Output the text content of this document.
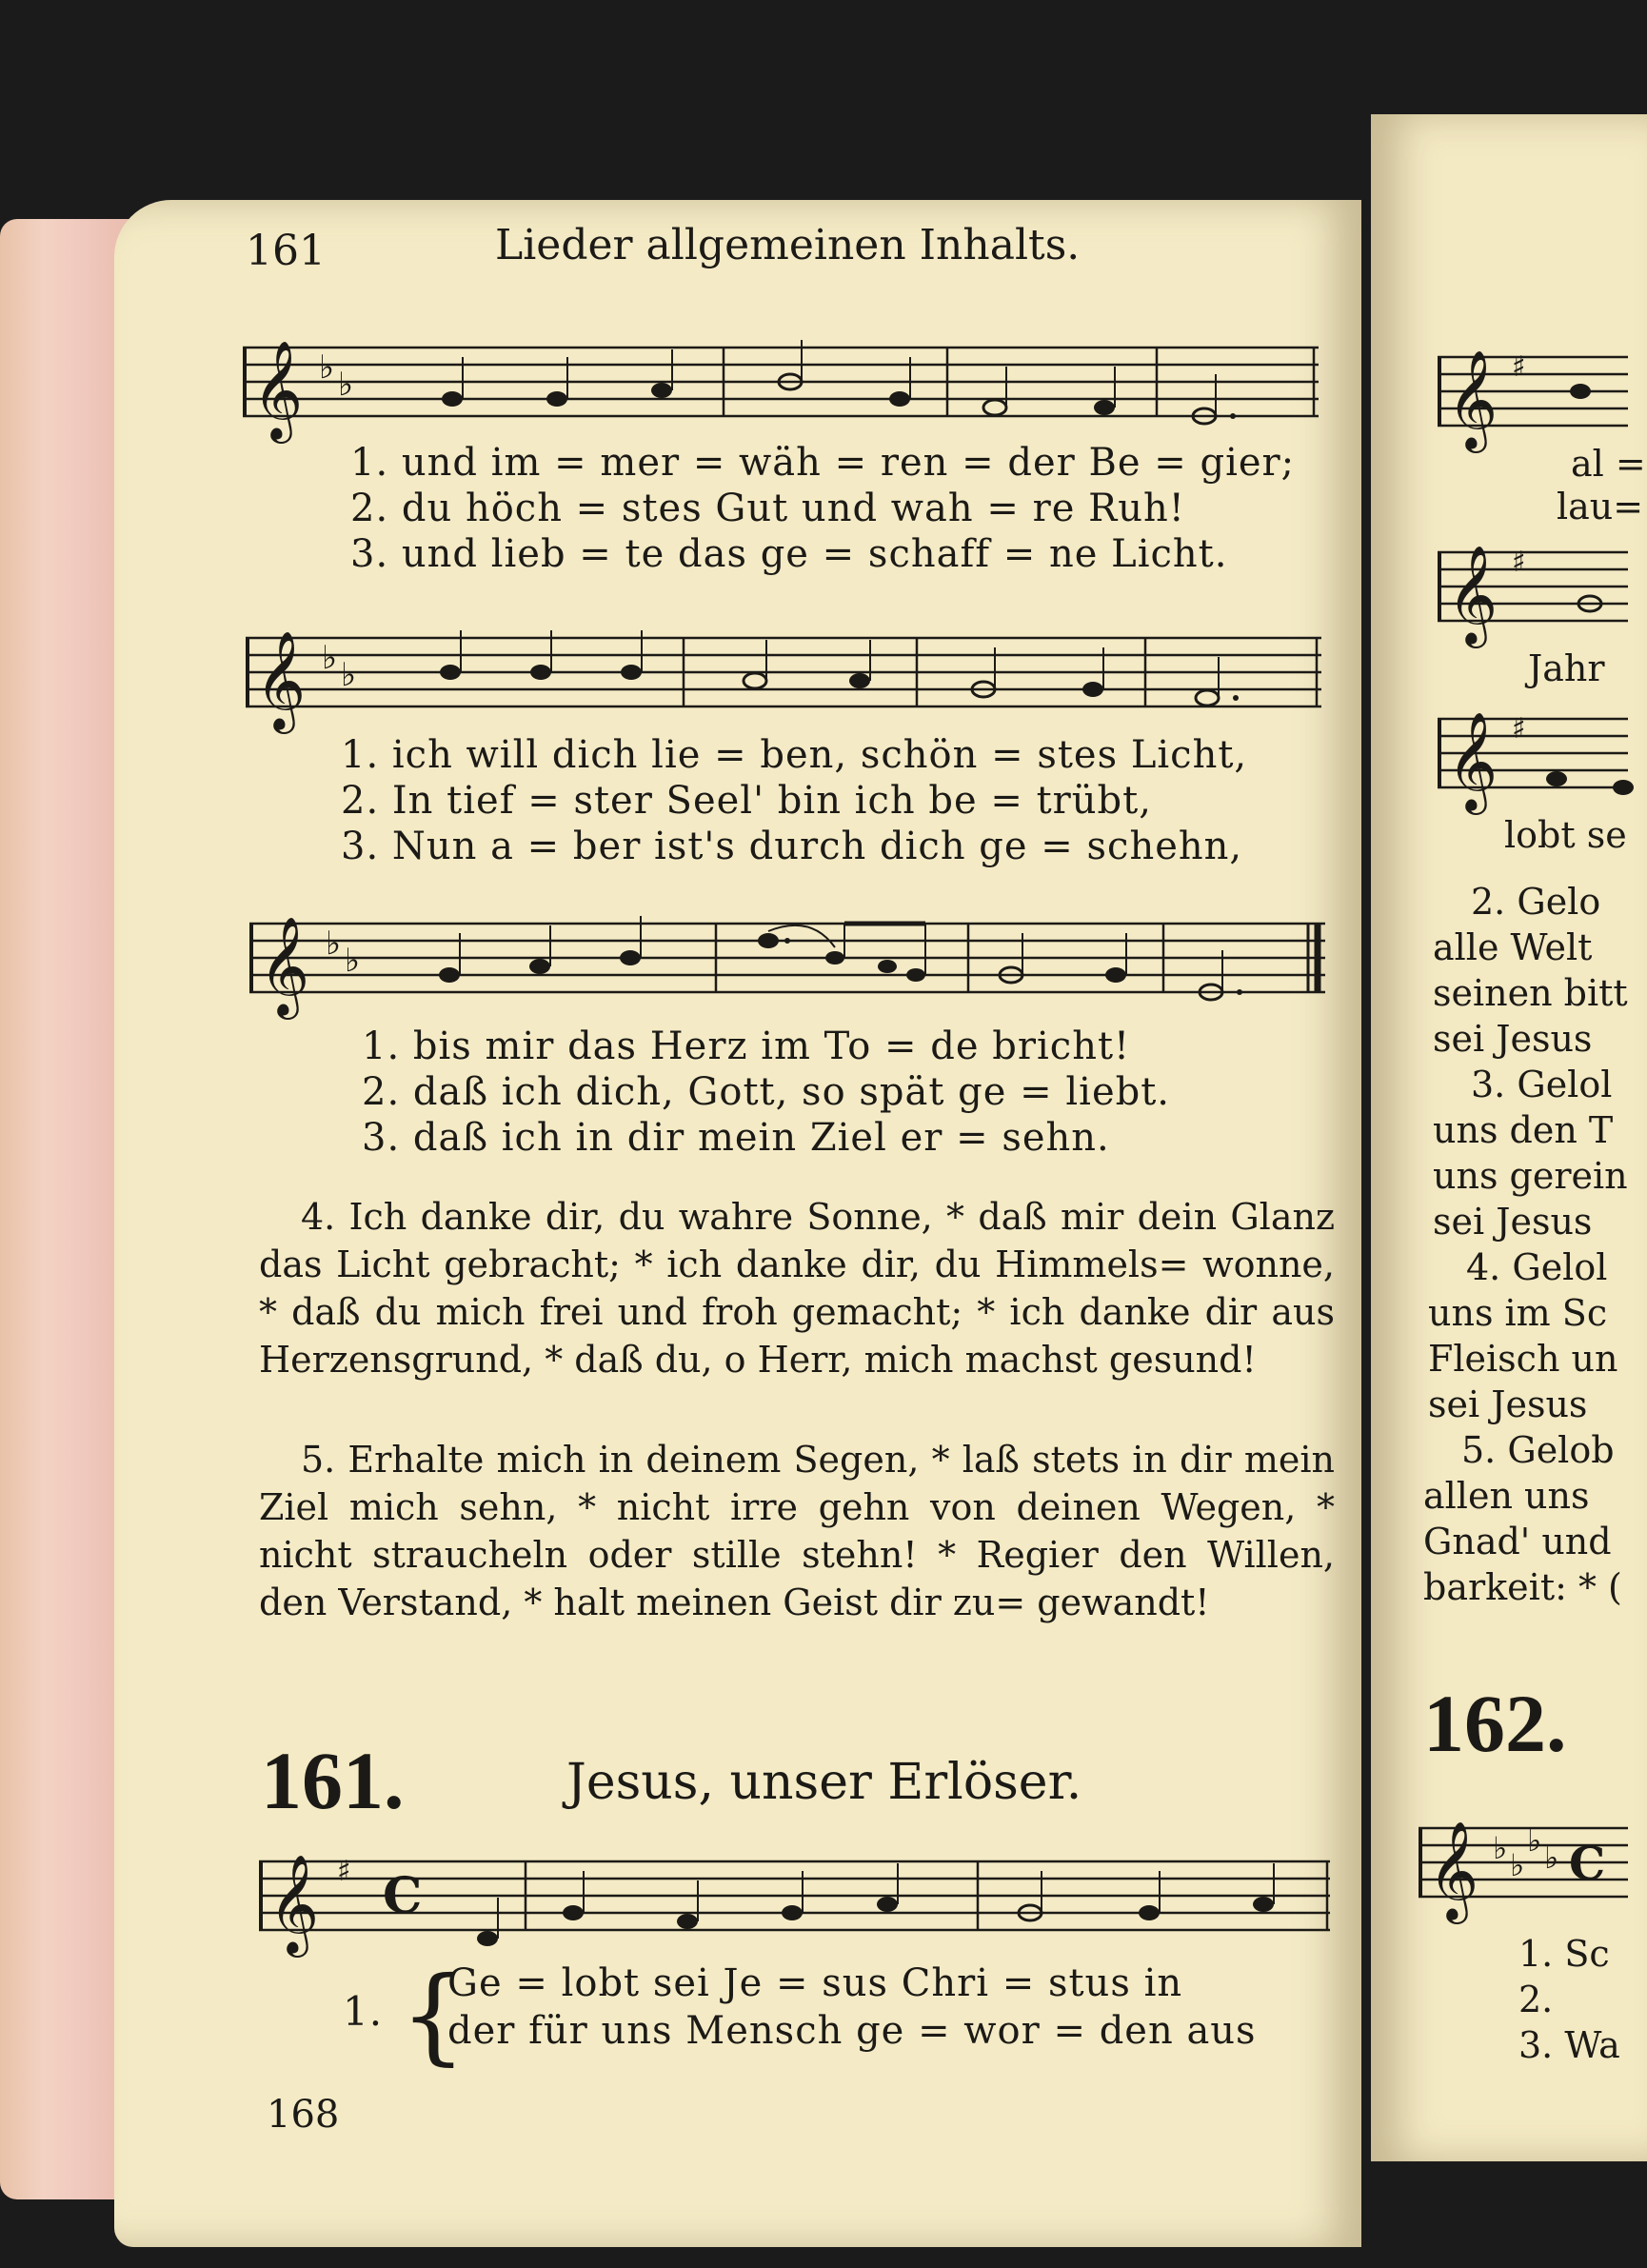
161	Lieder allgemeinen Inhalts.
𝄞 ♭ ♭
1. und im = mer = wäh = ren = der Be = gier;
2. du höch = stes Gut und wah = re Ruh!
3. und lieb = te das ge = schaff = ne Licht.
𝄞 ♭ ♭
1. ich will dich lie = ben, schön = stes Licht,
2. In tief = ster Seel' bin ich be = trübt,
3. Nun a = ber ist's durch dich ge = schehn,
𝄞 ♭ ♭
1. bis mir das Herz im To = de bricht!
2. daß ich dich, Gott, so spät ge = liebt.
3. daß ich in dir mein Ziel er = sehn.
4. Ich danke dir, du wahre Sonne, * daß mir dein Glanz das Licht gebracht; * ich danke dir, du Himmels= wonne, * daß du mich frei und froh gemacht; * ich danke dir aus Herzensgrund, * daß du, o Herr, mich machst gesund!
5. Erhalte mich in deinem Segen, * laß stets in dir mein Ziel mich sehn, * nicht irre gehn von deinen Wegen, * nicht straucheln oder stille stehn! * Regier den Willen, den Verstand, * halt meinen Geist dir zu= gewandt!
161.	Jesus, unser Erlöser.
𝄞 ♯ C
1. {
Ge = lobt sei Je = sus Chri = stus in
der für uns Mensch ge = wor = den aus
168
𝄞 ♯
al =
lau=
𝄞 ♯
Jahr
𝄞 ♯
lobt se
2. Gelo
alle Welt
seinen bitt
sei Jesus
3. Gelol
uns den T
uns gerein
sei Jesus
4. Gelol
uns im Sc
Fleisch un
sei Jesus
5. Gelob
allen uns
Gnad' und
barkeit: * (
162.
𝄞 ♭ ♭
♭ ♭ C
1. Sc
2.
3. Wa
